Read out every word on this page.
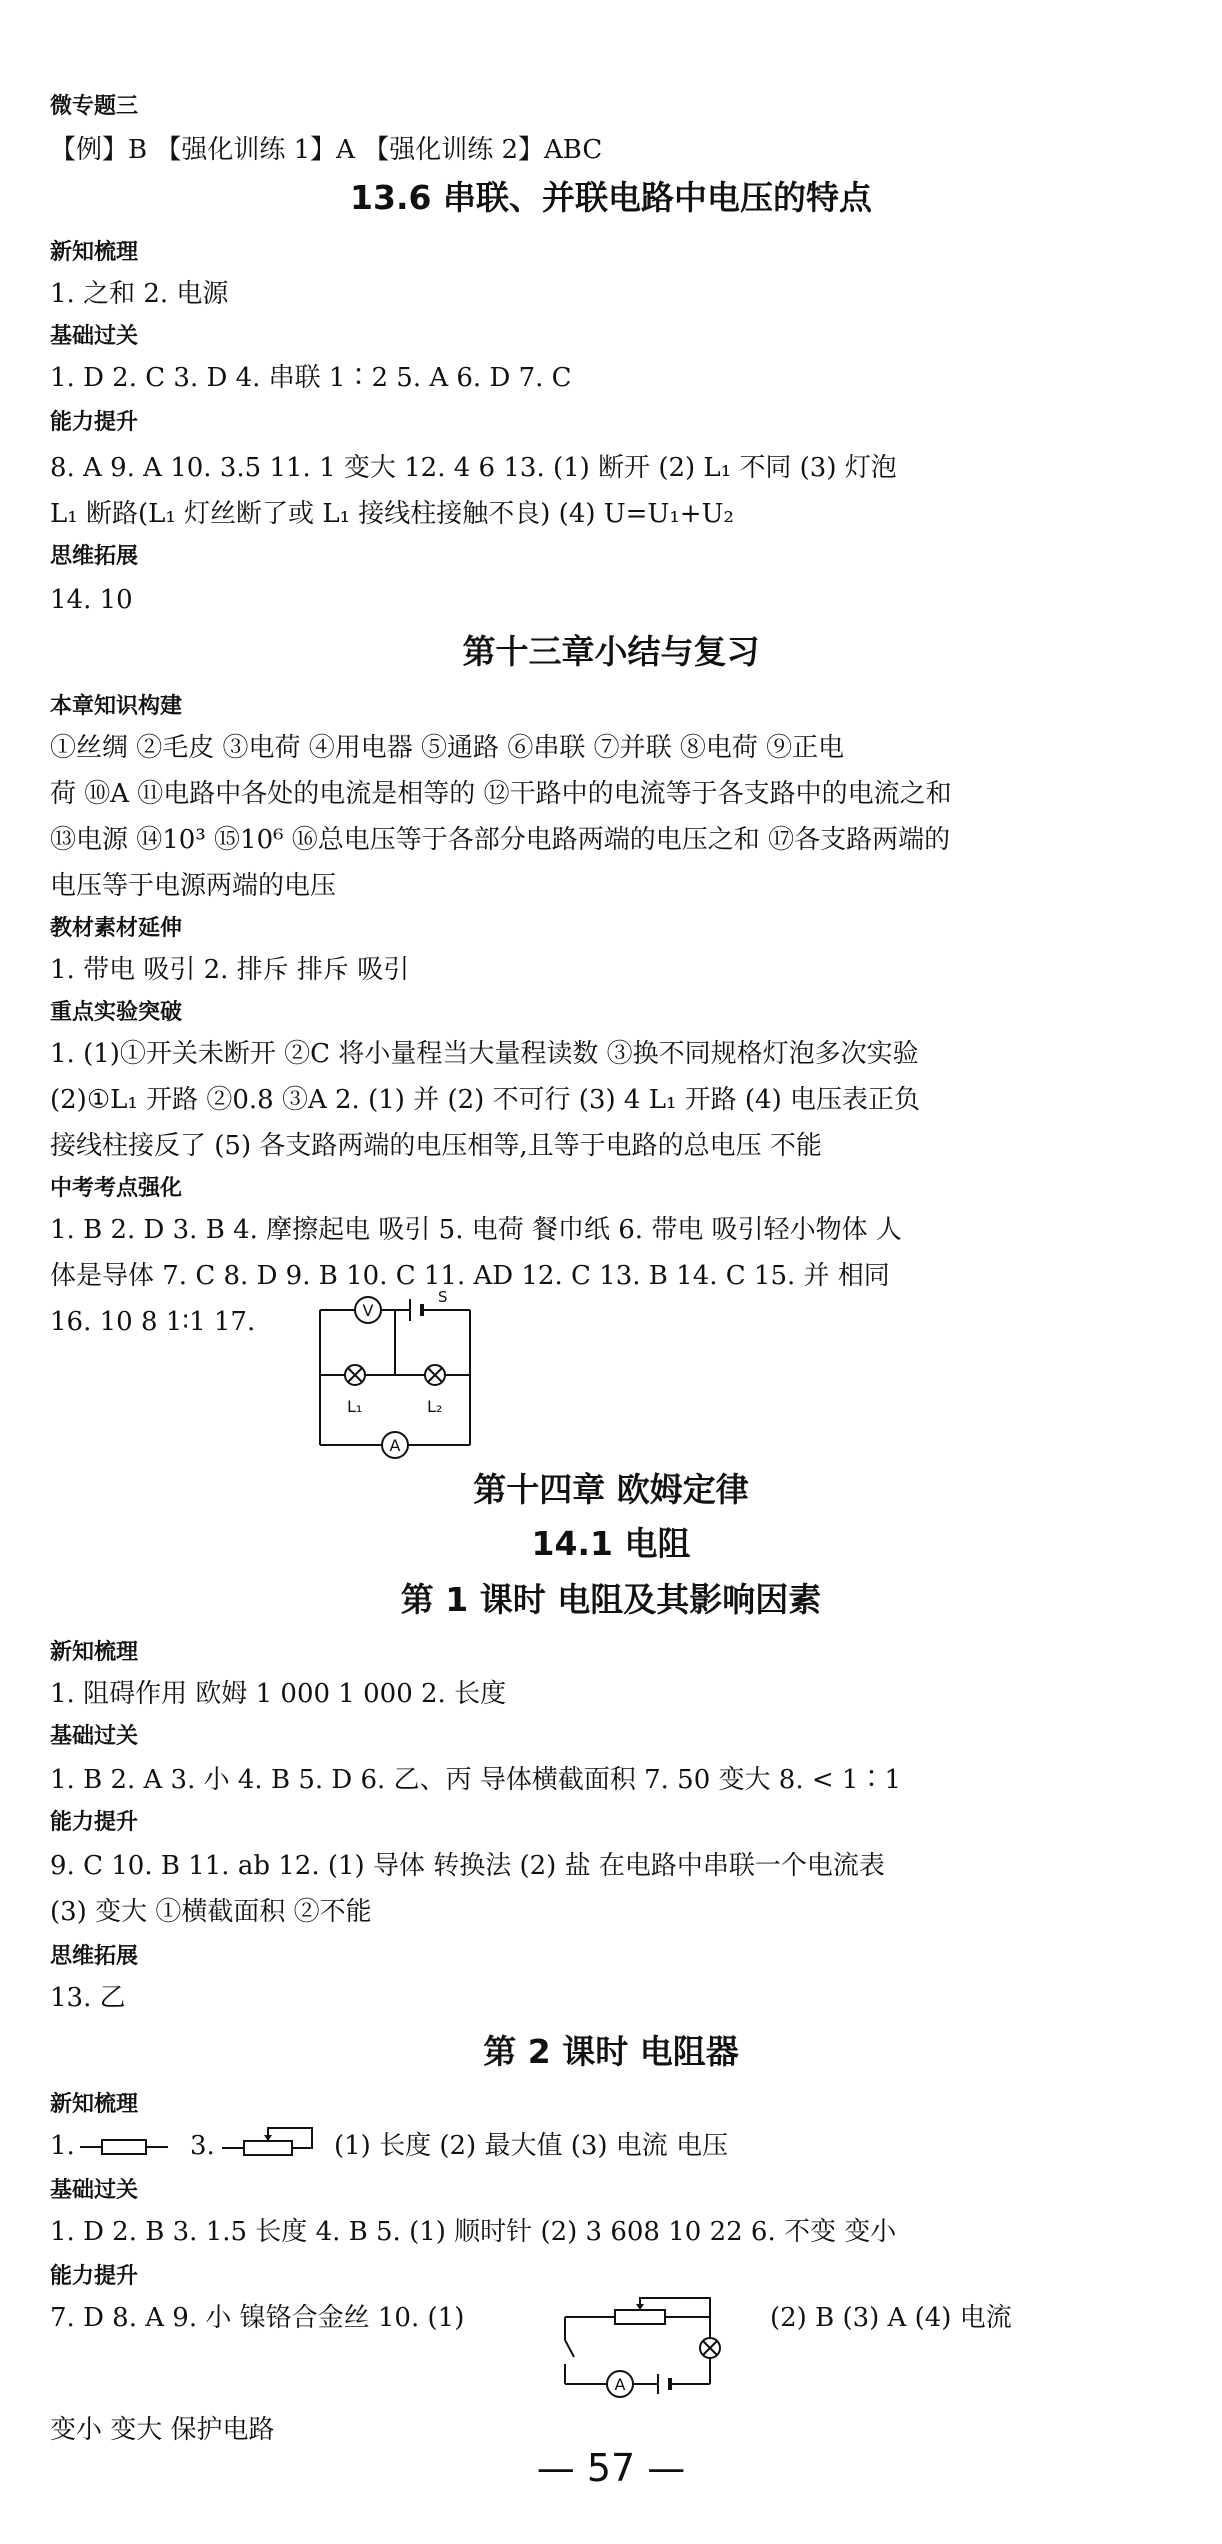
微专题三
【例】B 【强化训练 1】A 【强化训练 2】ABC
13.6 串联、并联电路中电压的特点
新知梳理
1. 之和 2. 电源
基础过关
1. D 2. C 3. D 4. 串联 1∶2 5. A 6. D 7. C
能力提升
8. A 9. A 10. 3.5 11. 1 变大 12. 4 6 13. (1) 断开 (2) L₁ 不同 (3) 灯泡
L₁ 断路(L₁ 灯丝断了或 L₁ 接线柱接触不良) (4) U=U₁+U₂
思维拓展
14. 10
第十三章小结与复习
本章知识构建
①丝绸 ②毛皮 ③电荷 ④用电器 ⑤通路 ⑥串联 ⑦并联 ⑧电荷 ⑨正电
荷 ⑩A ⑪电路中各处的电流是相等的 ⑫干路中的电流等于各支路中的电流之和
⑬电源 ⑭10³ ⑮10⁶ ⑯总电压等于各部分电路两端的电压之和 ⑰各支路两端的
电压等于电源两端的电压
教材素材延伸
1. 带电 吸引 2. 排斥 排斥 吸引
重点实验突破
1. (1)①开关未断开 ②C 将小量程当大量程读数 ③换不同规格灯泡多次实验
(2)①L₁ 开路 ②0.8 ③A 2. (1) 并 (2) 不可行 (3) 4 L₁ 开路 (4) 电压表正负
接线柱接反了 (5) 各支路两端的电压相等,且等于电路的总电压 不能
中考考点强化
1. B 2. D 3. B 4. 摩擦起电 吸引 5. 电荷 餐巾纸 6. 带电 吸引轻小物体 人
体是导体 7. C 8. D 9. B 10. C 11. AD 12. C 13. B 14. C 15. 并 相同
16. 10 8 1∶1 17.	V
S
L₁	L₂
A
第十四章 欧姆定律
14.1 电阻
第 1 课时 电阻及其影响因素
新知梳理
1. 阻碍作用 欧姆 1 000 1 000 2. 长度
基础过关
1. B 2. A 3. 小 4. B 5. D 6. 乙、丙 导体横截面积 7. 50 变大 8. < 1∶1
能力提升
9. C 10. B 11. ab 12. (1) 导体 转换法 (2) 盐 在电路中串联一个电流表
(3) 变大 ①横截面积 ②不能
思维拓展
13. 乙
第 2 课时 电阻器
新知梳理
1.	3.	(1) 长度 (2) 最大值 (3) 电流 电压
基础过关
1. D 2. B 3. 1.5 长度 4. B 5. (1) 顺时针 (2) 3 608 10 22 6. 不变 变小
能力提升
7. D 8. A 9. 小 镍铬合金丝 10. (1)
A
(2) B (3) A (4) 电流
变小 变大 保护电路
— 57 —
